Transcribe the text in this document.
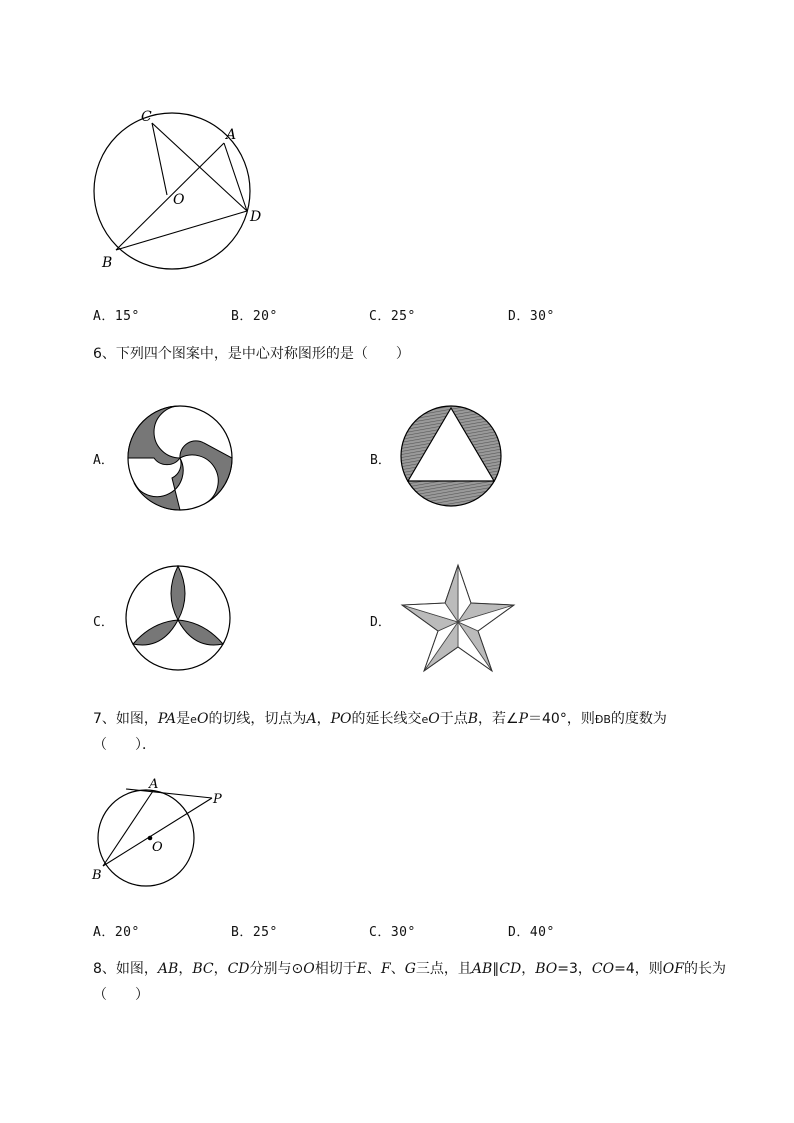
C
A
O
D
B
A．15°	B．20°	C．25°	D．30°
6、下列四个图案中，是中心对称图形的是（　　）
A．	B．
C．	D．
7、如图，PA是eO的切线，切点为A，PO的延长线交eO于点B，若∠P＝40°，则ÐB的度数为
（　　）．
A
P
O
B
A．20°	B．25°	C．30°	D．40°
8、如图，AB，BC，CD分别与⊙O相切于E、F、G三点，且AB∥CD，BO=3，CO=4，则OF的长为
（　　）
